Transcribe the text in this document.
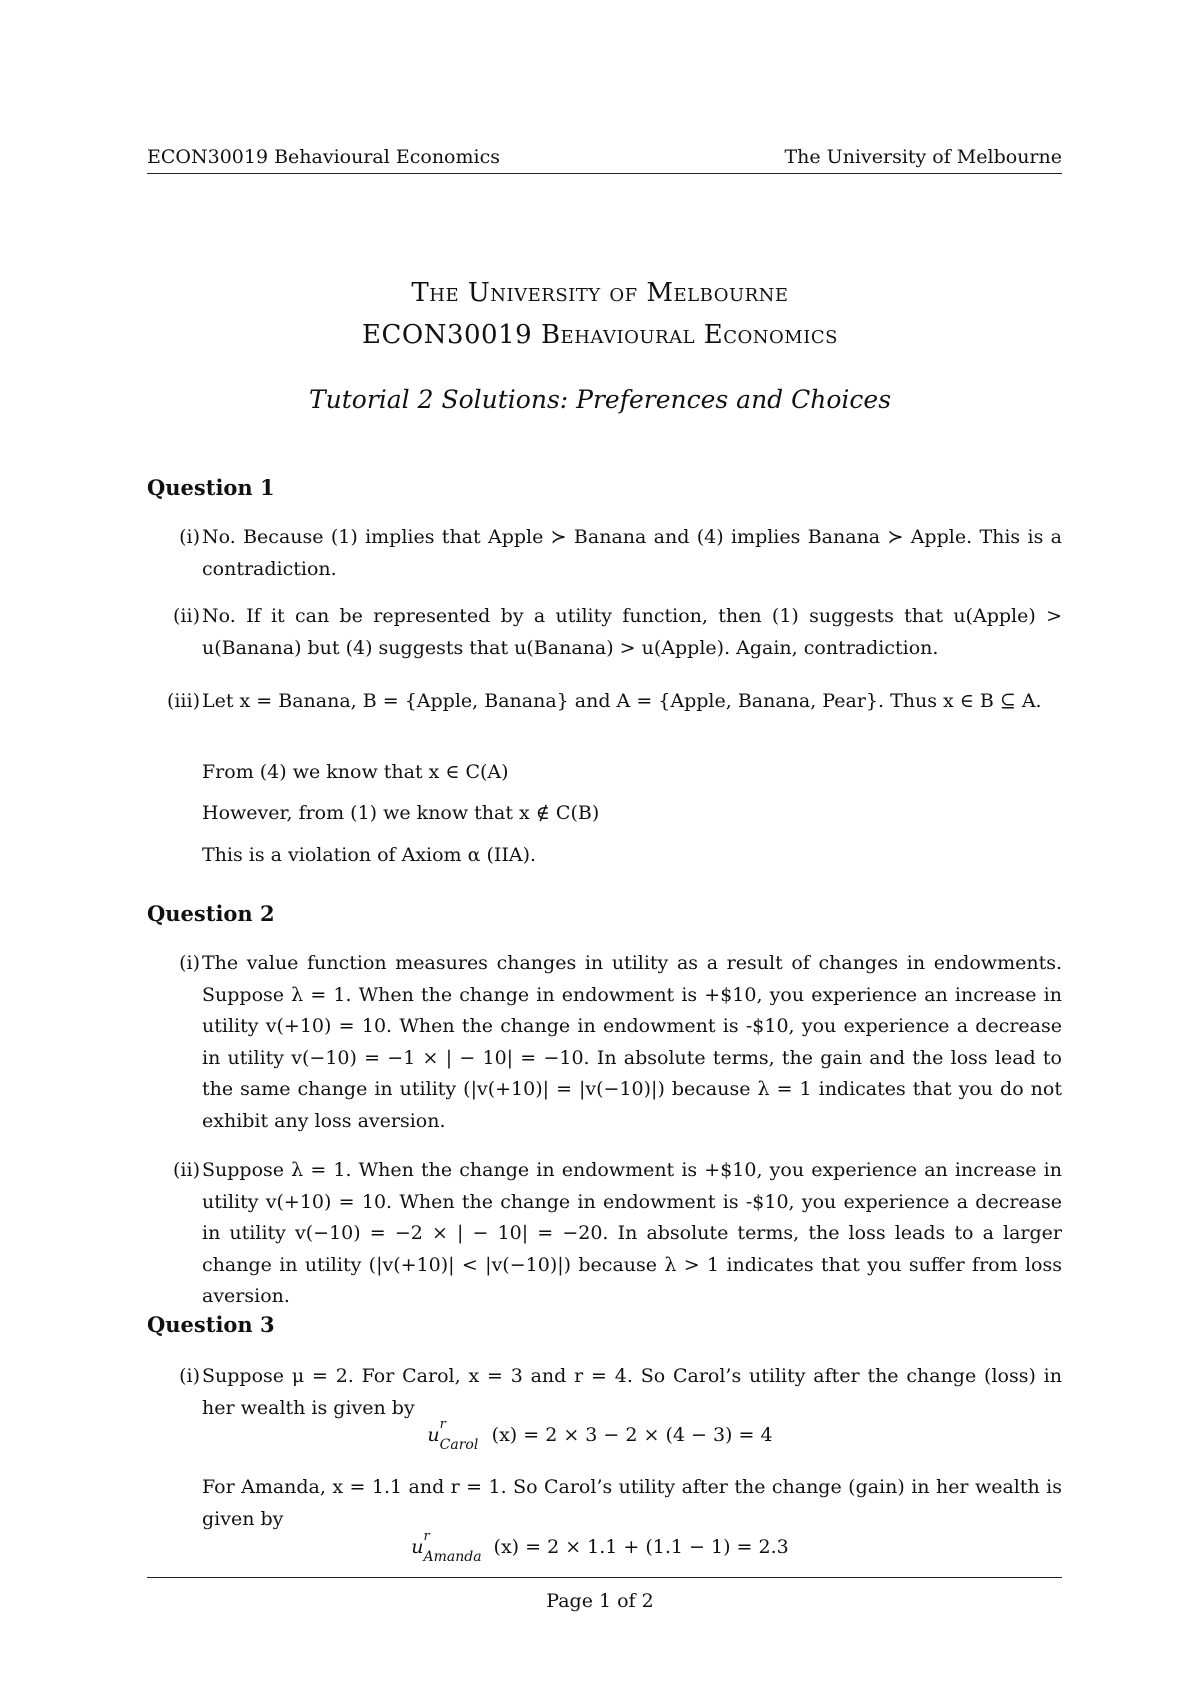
ECON30019 Behavioural Economics	The University of Melbourne
The University of Melbourne
ECON30019 Behavioural Economics
Tutorial 2 Solutions: Preferences and Choices
Question 1
(i) No. Because (1) implies that Apple ≻ Banana and (4) implies Banana ≻ Apple. This is a contradiction.
(ii) No. If it can be represented by a utility function, then (1) suggests that u(Apple) > u(Banana) but (4) suggests that u(Banana) > u(Apple). Again, contradiction.
(iii) Let x = Banana, B = {Apple, Banana} and A = {Apple, Banana, Pear}. Thus x ∈ B ⊆ A.
From (4) we know that x ∈ C(A)
However, from (1) we know that x ∉ C(B)
This is a violation of Axiom α (IIA).
Question 2
(i) The value function measures changes in utility as a result of changes in endowments. Suppose λ = 1. When the change in endowment is +$10, you experience an increase in utility v(+10) = 10. When the change in endowment is -$10, you experience a decrease in utility v(−10) = −1 × | − 10| = −10. In absolute terms, the gain and the loss lead to the same change in utility (|v(+10)| = |v(−10)|) because λ = 1 indicates that you do not exhibit any loss aversion.
(ii) Suppose λ = 1. When the change in endowment is +$10, you experience an increase in utility v(+10) = 10. When the change in endowment is -$10, you experience a decrease in utility v(−10) = −2 × | − 10| = −20. In absolute terms, the loss leads to a larger change in utility (|v(+10)| < |v(−10)|) because λ > 1 indicates that you suffer from loss aversion.
Question 3
(i) Suppose μ = 2. For Carol, x = 3 and r = 4. So Carol’s utility after the change (loss) in her wealth is given by
u r
Carol (x) = 2 × 3 − 2 × (4 − 3) = 4
For Amanda, x = 1.1 and r = 1. So Carol’s utility after the change (gain) in her wealth is given by
u r
Amanda (x) = 2 × 1.1 + (1.1 − 1) = 2.3
Page 1 of 2
